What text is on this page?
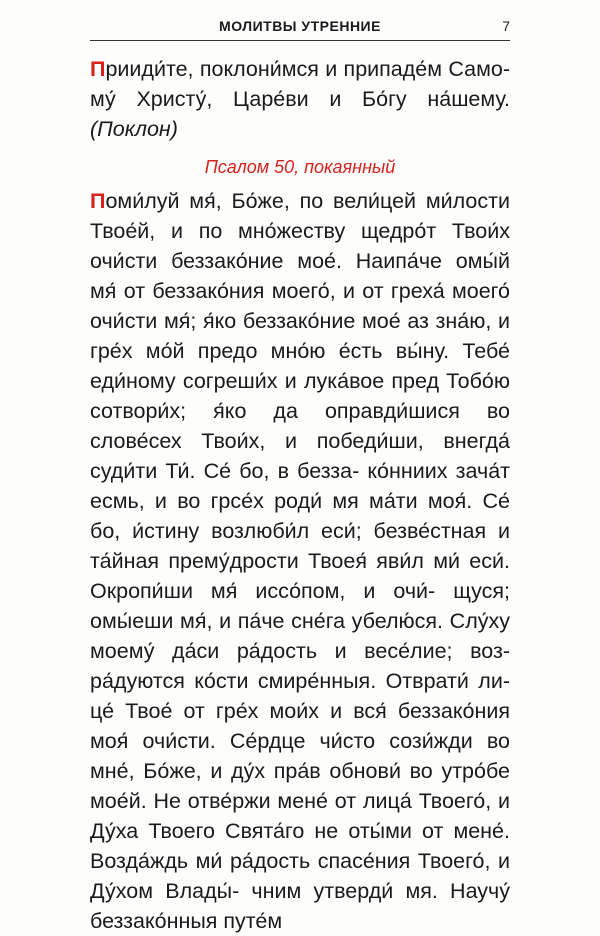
МОЛИТВЫ УТРЕННИЕ	7

Прииди́те, поклони́мся и припаде́м Само- му́ Христу́, Царе́ви и Бо́гу на́шему. (Поклон)

Псалом 50, покаянный

Поми́луй мя́, Бо́же, по вели́цей ми́лости Твое́й, и по мно́жеству щедро́т Твои́х очи́сти беззако́ние мое́. Наипа́че омы́й мя́ от беззако́ния моего́, и от греха́ моего́ очи́сти мя́; я́ко беззако́ние мое́ аз зна́ю, и гре́х мо́й предо мно́ю е́сть вы́ну. Тебе́ еди́ному согреши́х и лука́вое пред Тобо́ю сотвори́х; я́ко да оправди́шися во слове́сех Твои́х, и победи́ши, внегда́ суди́ти Ти́. Се́ бо, в безза- ко́нниих зача́т есмь, и во грсе́х роди́ мя ма́ти моя́. Се́ бо, и́стину возлюби́л еси́; безве́стная и та́йная прему́дрости Твоея́ яви́л ми́ еси́. Окропи́ши мя́ иссо́пом, и очи́- щуся; омы́еши мя́, и па́че сне́га убелю́ся. Слу́ху моему́ да́си ра́дость и весе́лие; воз- ра́дуются ко́сти смире́нныя. Отврати́ ли- це́ Твое́ от гре́х мои́х и вся́ беззако́ния моя́ очи́сти. Се́рдце чи́сто сози́жди во мне́, Бо́же, и ду́х пра́в обнови́ во утро́бе мое́й. Не отве́ржи мене́ от лица́ Твоего́, и Ду́ха Твоего Свята́го не оты́ми от мене́. Возда́ждь ми́ ра́дость спасе́ния Твоего́, и Ду́хом Влады́- чним утверди́ мя. Научу́ беззако́нныя путе́м
